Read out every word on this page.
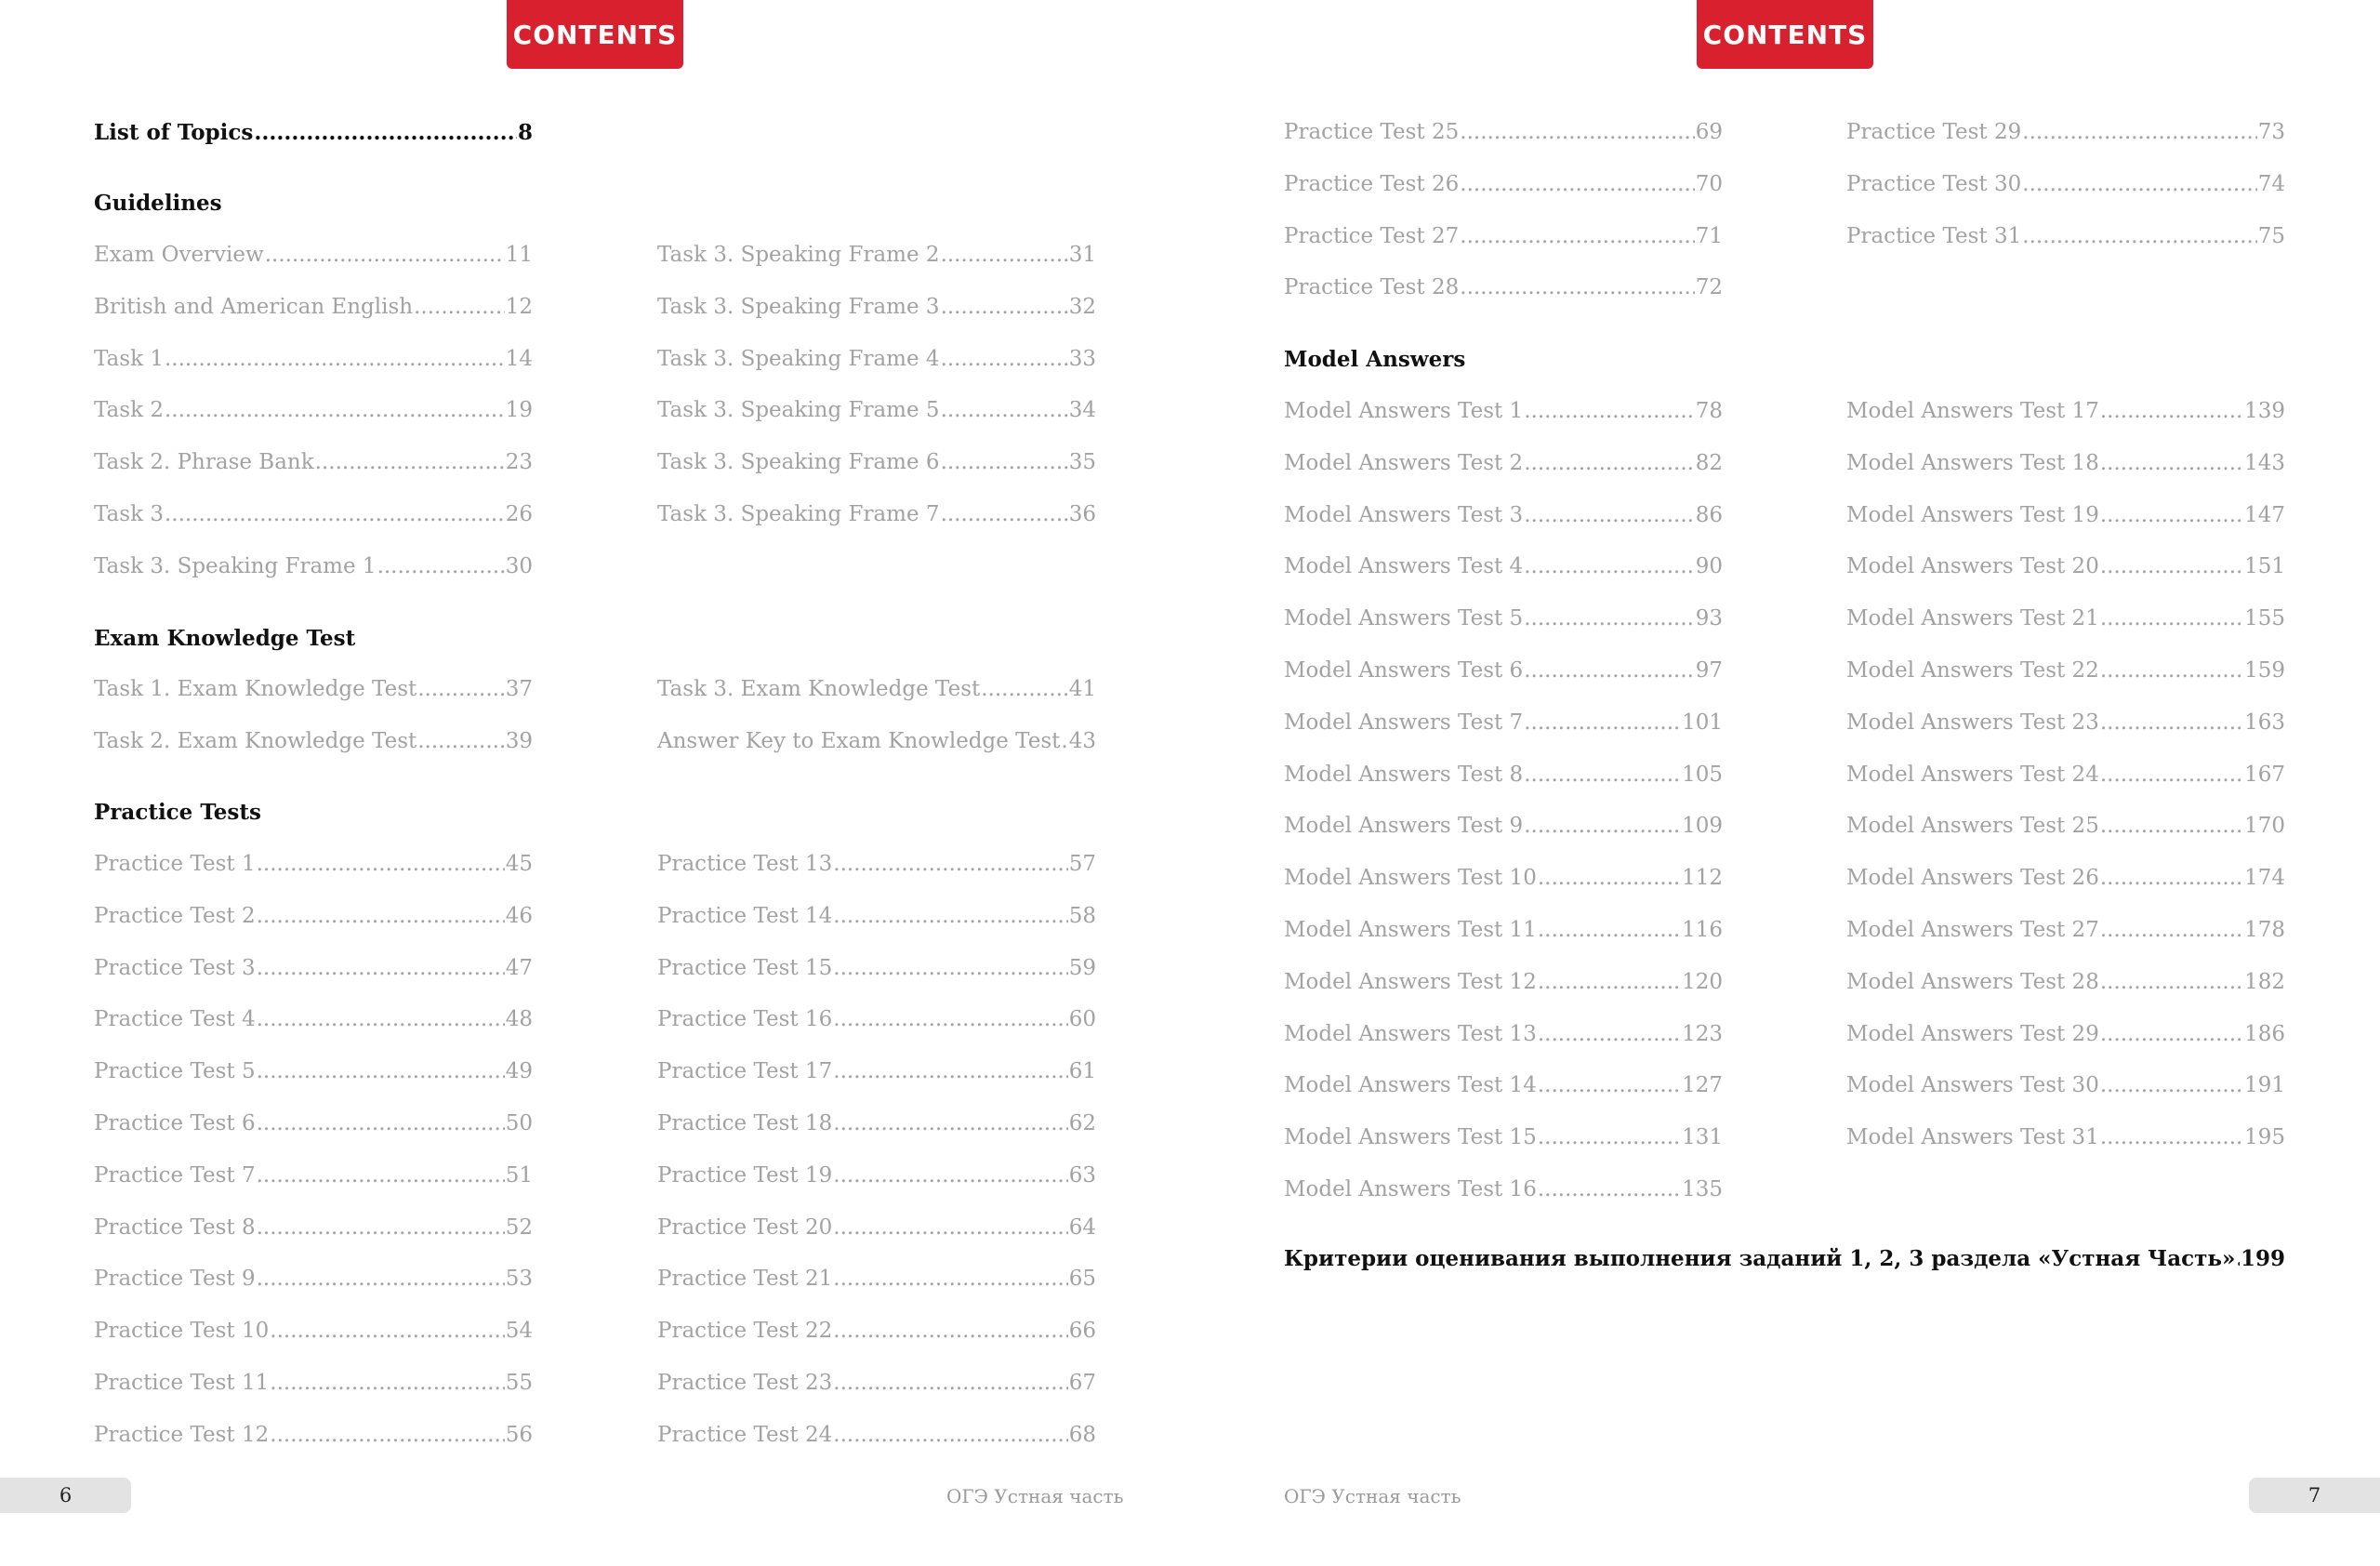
CONTENTS
List of Topics .....	8
Guidelines
Exam Overview .....	11
British and American English .....	12
Task 1 .....	14
Task 2 .....	19
Task 2. Phrase Bank .....	23
Task 3 .....	26
Task 3. Speaking Frame 1 .....	30
Task 3. Speaking Frame 2 .....	31
Task 3. Speaking Frame 3 .....	32
Task 3. Speaking Frame 4 .....	33
Task 3. Speaking Frame 5 .....	34
Task 3. Speaking Frame 6 .....	35
Task 3. Speaking Frame 7 .....	36
Exam Knowledge Test
Task 1. Exam Knowledge Test .....	37
Task 2. Exam Knowledge Test .....	39
Task 3. Exam Knowledge Test .....	41
Answer Key to Exam Knowledge Test ..... 43
Practice Tests
Practice Test 1 .....	45
Practice Test 2 .....	46
Practice Test 3 .....	47
Practice Test 4 .....	48
Practice Test 5 .....	49
Practice Test 6 .....	50
Practice Test 7 .....	51
Practice Test 8 .....	52
Practice Test 9 .....	53
Practice Test 10 .....	54
Practice Test 11 .....	55
Practice Test 12 .....	56
Practice Test 13 .....	57
Practice Test 14 .....	58
Practice Test 15 .....	59
Practice Test 16 .....	60
Practice Test 17 .....	61
Practice Test 18 .....	62
Practice Test 19 .....	63
Practice Test 20 .....	64
Practice Test 21 .....	65
Practice Test 22 .....	66
Practice Test 23 .....	67
Practice Test 24 .....	68
6	ОГЭ Устная часть
CONTENTS
Practice Test 25 .....	69
Practice Test 26 .....	70
Practice Test 27 .....	71
Practice Test 28 .....	72
Practice Test 29 .....	73
Practice Test 30 .....	74
Practice Test 31 .....	75
Model Answers
Model Answers Test 1 .....	78
Model Answers Test 2 .....	82
Model Answers Test 3 .....	86
Model Answers Test 4 .....	90
Model Answers Test 5 .....	93
Model Answers Test 6 .....	97
Model Answers Test 7 .....	101
Model Answers Test 8 .....	105
Model Answers Test 9 .....	109
Model Answers Test 10 .....	112
Model Answers Test 11 .....	116
Model Answers Test 12 .....	120
Model Answers Test 13 .....	123
Model Answers Test 14 .....	127
Model Answers Test 15 .....	131
Model Answers Test 16 .....	135
Model Answers Test 17 .....	139
Model Answers Test 18 .....	143
Model Answers Test 19 .....	147
Model Answers Test 20 .....	151
Model Answers Test 21 .....	155
Model Answers Test 22 .....	159
Model Answers Test 23 .....	163
Model Answers Test 24 .....	167
Model Answers Test 25 .....	170
Model Answers Test 26 .....	174
Model Answers Test 27 .....	178
Model Answers Test 28 .....	182
Model Answers Test 29 .....	186
Model Answers Test 30 .....	191
Model Answers Test 31 .....	195
Критерии оценивания выполнения заданий 1, 2, 3 раздела «Устная Часть» ..... 199
7
ОГЭ Устная часть
